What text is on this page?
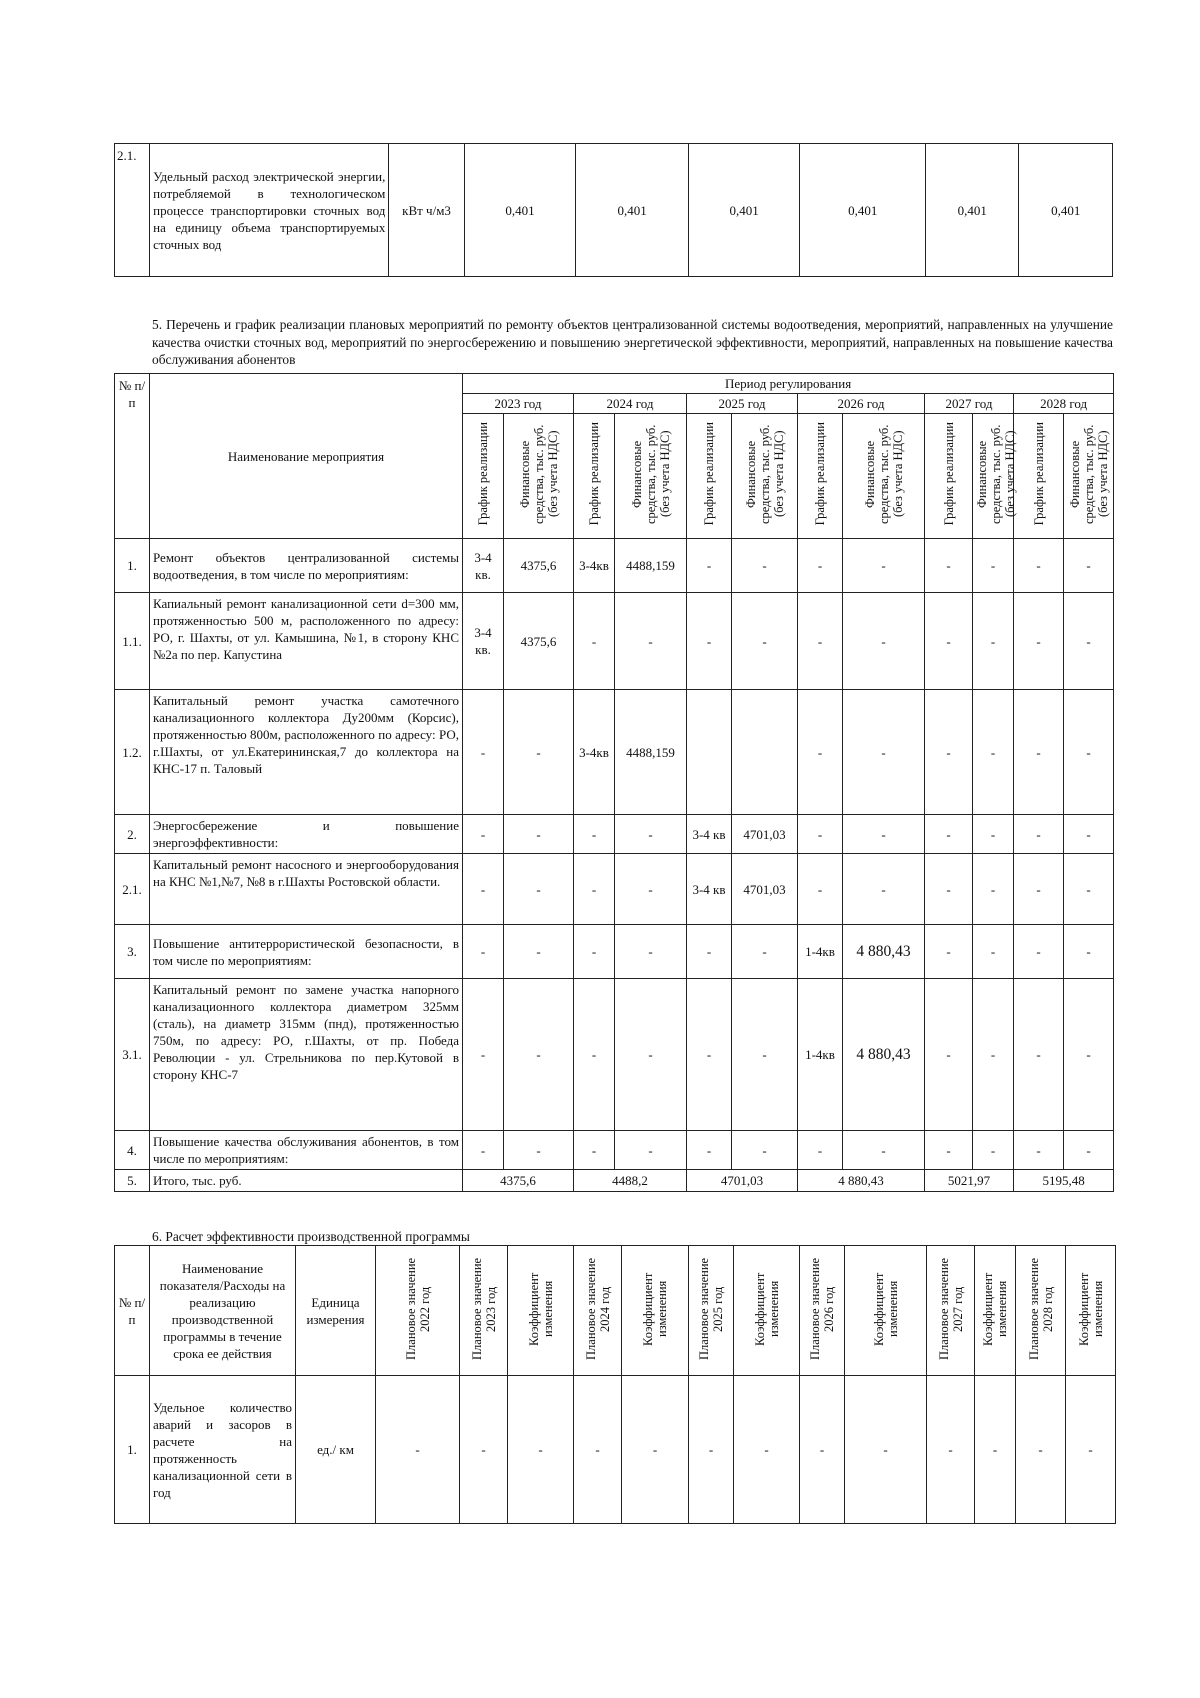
2.1.	Удельный расход электрической энергии, потребляемой в технологическом процессе транспортировки сточных вод на единицу объема транспортируемых сточных вод	кВт ч/м3	0,401	0,401	0,401	0,401	0,401	0,401
5. Перечень и график реализации плановых мероприятий по ремонту объектов централизованной системы водоотведения, мероприятий, направленных на улучшение качества очистки сточных вод, мероприятий по энергосбережению и повышению энергетической эффективности, мероприятий, направленных на повышение качества обслуживания абонентов
№ п/п	Наименование мероприятия	Период регулирования											
		2023 год		2024 год		2025 год		2026 год		2027 год		2028 год	
		График реализации	Финансовые средства, тыс. руб. (без учета НДС)	График реализации	Финансовые средства, тыс. руб. (без учета НДС)	График реализации	Финансовые средства, тыс. руб. (без учета НДС)	График реализации	Финансовые средства, тыс. руб. (без учета НДС)	График реализации	Финансовые средства, тыс. руб. (без учета НДС)	График реализации	Финансовые средства, тыс. руб. (без учета НДС)
1.	Ремонт объектов централизованной системы водоотведения, в том числе по мероприятиям:	3-4 кв.	4375,6	3-4кв	4488,159	-	-	-	-	-	-	-	-
1.1.	Капиальный ремонт канализационной сети d=300 мм, протяженностью 500 м, расположенного по адресу: РО, г. Шахты, от ул. Камышина, №1, в сторону КНС №2а по пер. Капустина	3-4 кв.	4375,6	-	-	-	-	-	-	-	-	-	-
1.2.	Капитальный ремонт участка самотечного канализационного коллектора Ду200мм (Корсис), протяженностью 800м, расположенного по адресу: РО, г.Шахты, от ул.Екатерининская,7 до коллектора на КНС-17 п. Таловый	-	-	3-4кв	4488,159			-	-	-	-	-	-
2.	Энергосбережение и повышение энергоэффективности:	-	-	-	-	3-4 кв	4701,03	-	-	-	-	-	-
2.1.	Капитальный ремонт насосного и энергооборудования на КНС №1,№7, №8 в г.Шахты Ростовской области.	-	-	-	-	3-4 кв	4701,03	-	-	-	-	-	-
3.	Повышение антитеррористической безопасности, в том числе по мероприятиям:	-	-	-	-	-	-	1-4кв	4 880,43	-	-	-	-
3.1.	Капитальный ремонт по замене участка напорного канализационного коллектора диаметром 325мм (сталь), на диаметр 315мм (пнд), протяженностью 750м, по адресу: РО, г.Шахты, от пр. Победа Революции - ул. Стрельникова по пер.Кутовой в сторону КНС-7	-	-	-	-	-	-	1-4кв	4 880,43	-	-	-	-
4.	Повышение качества обслуживания абонентов, в том числе по мероприятиям:	-	-	-	-	-	-	-	-	-	-	-	-
5.	Итого, тыс. руб.	4375,6		4488,2		4701,03		4 880,43		5021,97		5195,48	
6. Расчет эффективности производственной программы
№ п/п	Наименование показателя/Расходы на реализацию производственной программы в течение срока ее действия	Единица измерения	Плановое значение 2022 год	Плановое значение 2023 год	Коэффициент изменения	Плановое значение 2024 год	Коэффициент изменения	Плановое значение 2025 год	Коэффициент изменения	Плановое значение 2026 год	Коэффициент изменения	Плановое значение 2027 год	Коэффициент изменения	Плановое значение 2028 год	Коэффициент изменения
1.	Удельное количество аварий и засоров в расчете на протяженность канализационной сети в год	ед./ км	-	-	-	-	-	-	-	-	-	-	-	-	-
